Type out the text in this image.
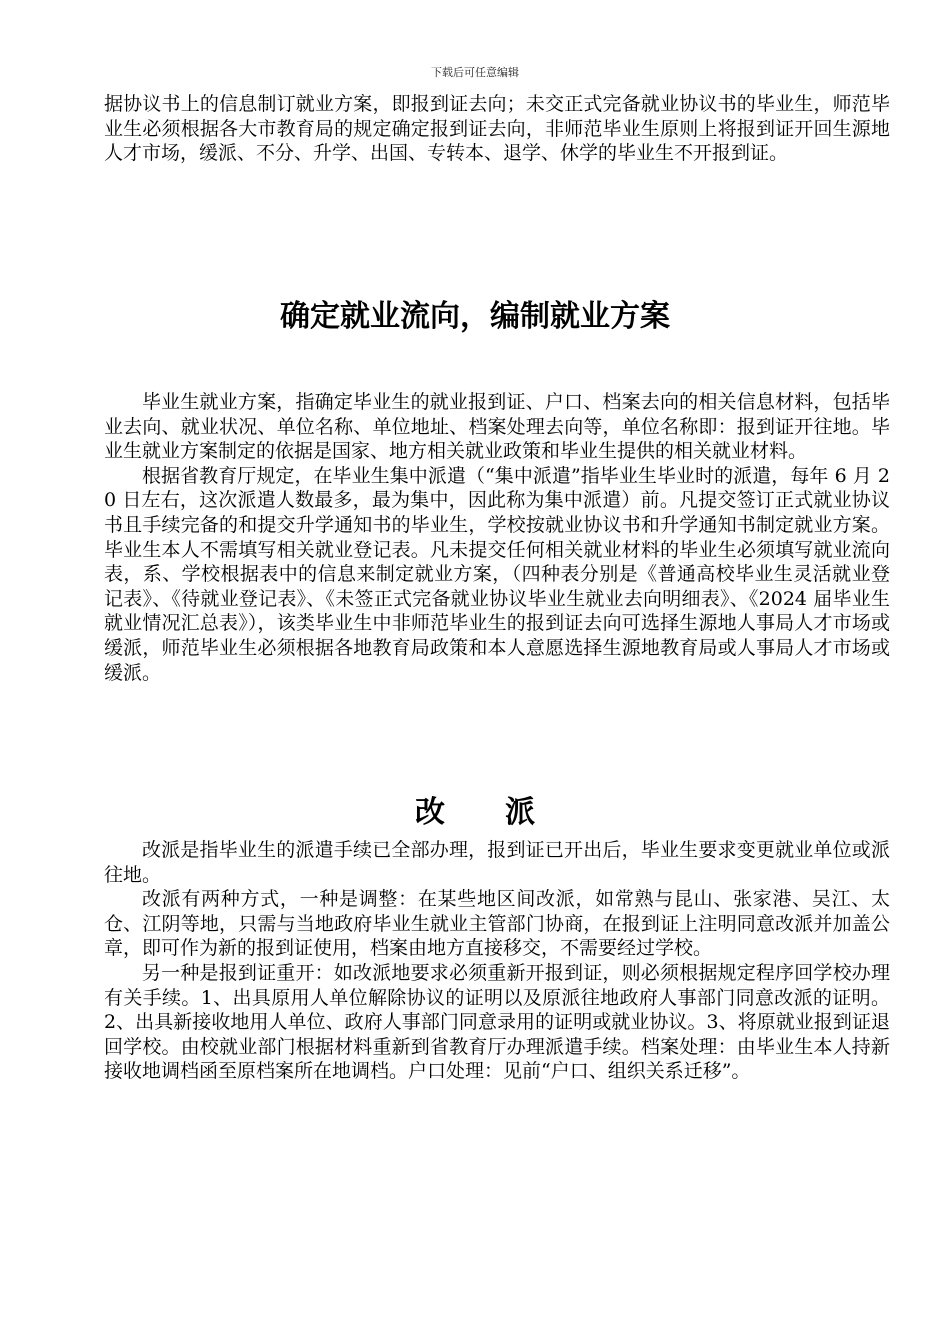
下载后可任意编辑

据协议书上的信息制订就业方案，即报到证去向；未交正式完备就业协议书的毕业生，师范毕业生必须根据各大市教育局的规定确定报到证去向，非师范毕业生原则上将报到证开回生源地人才市场，缓派、不分、升学、出国、专转本、退学、休学的毕业生不开报到证。

确定就业流向，编制就业方案

毕业生就业方案，指确定毕业生的就业报到证、户口、档案去向的相关信息材料，包括毕业去向、就业状况、单位名称、单位地址、档案处理去向等，单位名称即：报到证开往地。毕业生就业方案制定的依据是国家、地方相关就业政策和毕业生提供的相关就业材料。

根据省教育厅规定，在毕业生集中派遣（“集中派遣”指毕业生毕业时的派遣，每年 6 月 20 日左右，这次派遣人数最多，最为集中，因此称为集中派遣）前。凡提交签订正式就业协议书且手续完备的和提交升学通知书的毕业生，学校按就业协议书和升学通知书制定就业方案。毕业生本人不需填写相关就业登记表。凡未提交任何相关就业材料的毕业生必须填写就业流向表，系、学校根据表中的信息来制定就业方案，（四种表分别是《普通高校毕业生灵活就业登记表》、《待就业登记表》、《未签正式完备就业协议毕业生就业去向明细表》、《2024 届毕业生就业情况汇总表》），该类毕业生中非师范毕业生的报到证去向可选择生源地人事局人才市场或缓派，师范毕业生必须根据各地教育局政策和本人意愿选择生源地教育局或人事局人才市场或缓派。

改派

改派是指毕业生的派遣手续已全部办理，报到证已开出后，毕业生要求变更就业单位或派往地。

改派有两种方式，一种是调整：在某些地区间改派，如常熟与昆山、张家港、吴江、太仓、江阴等地，只需与当地政府毕业生就业主管部门协商，在报到证上注明同意改派并加盖公章，即可作为新的报到证使用，档案由地方直接移交，不需要经过学校。

另一种是报到证重开：如改派地要求必须重新开报到证，则必须根据规定程序回学校办理有关手续。1、出具原用人单位解除协议的证明以及原派往地政府人事部门同意改派的证明。2、出具新接收地用人单位、政府人事部门同意录用的证明或就业协议。3、将原就业报到证退回学校。由校就业部门根据材料重新到省教育厅办理派遣手续。档案处理：由毕业生本人持新接收地调档函至原档案所在地调档。户口处理：见前“户口、组织关系迁移”。
